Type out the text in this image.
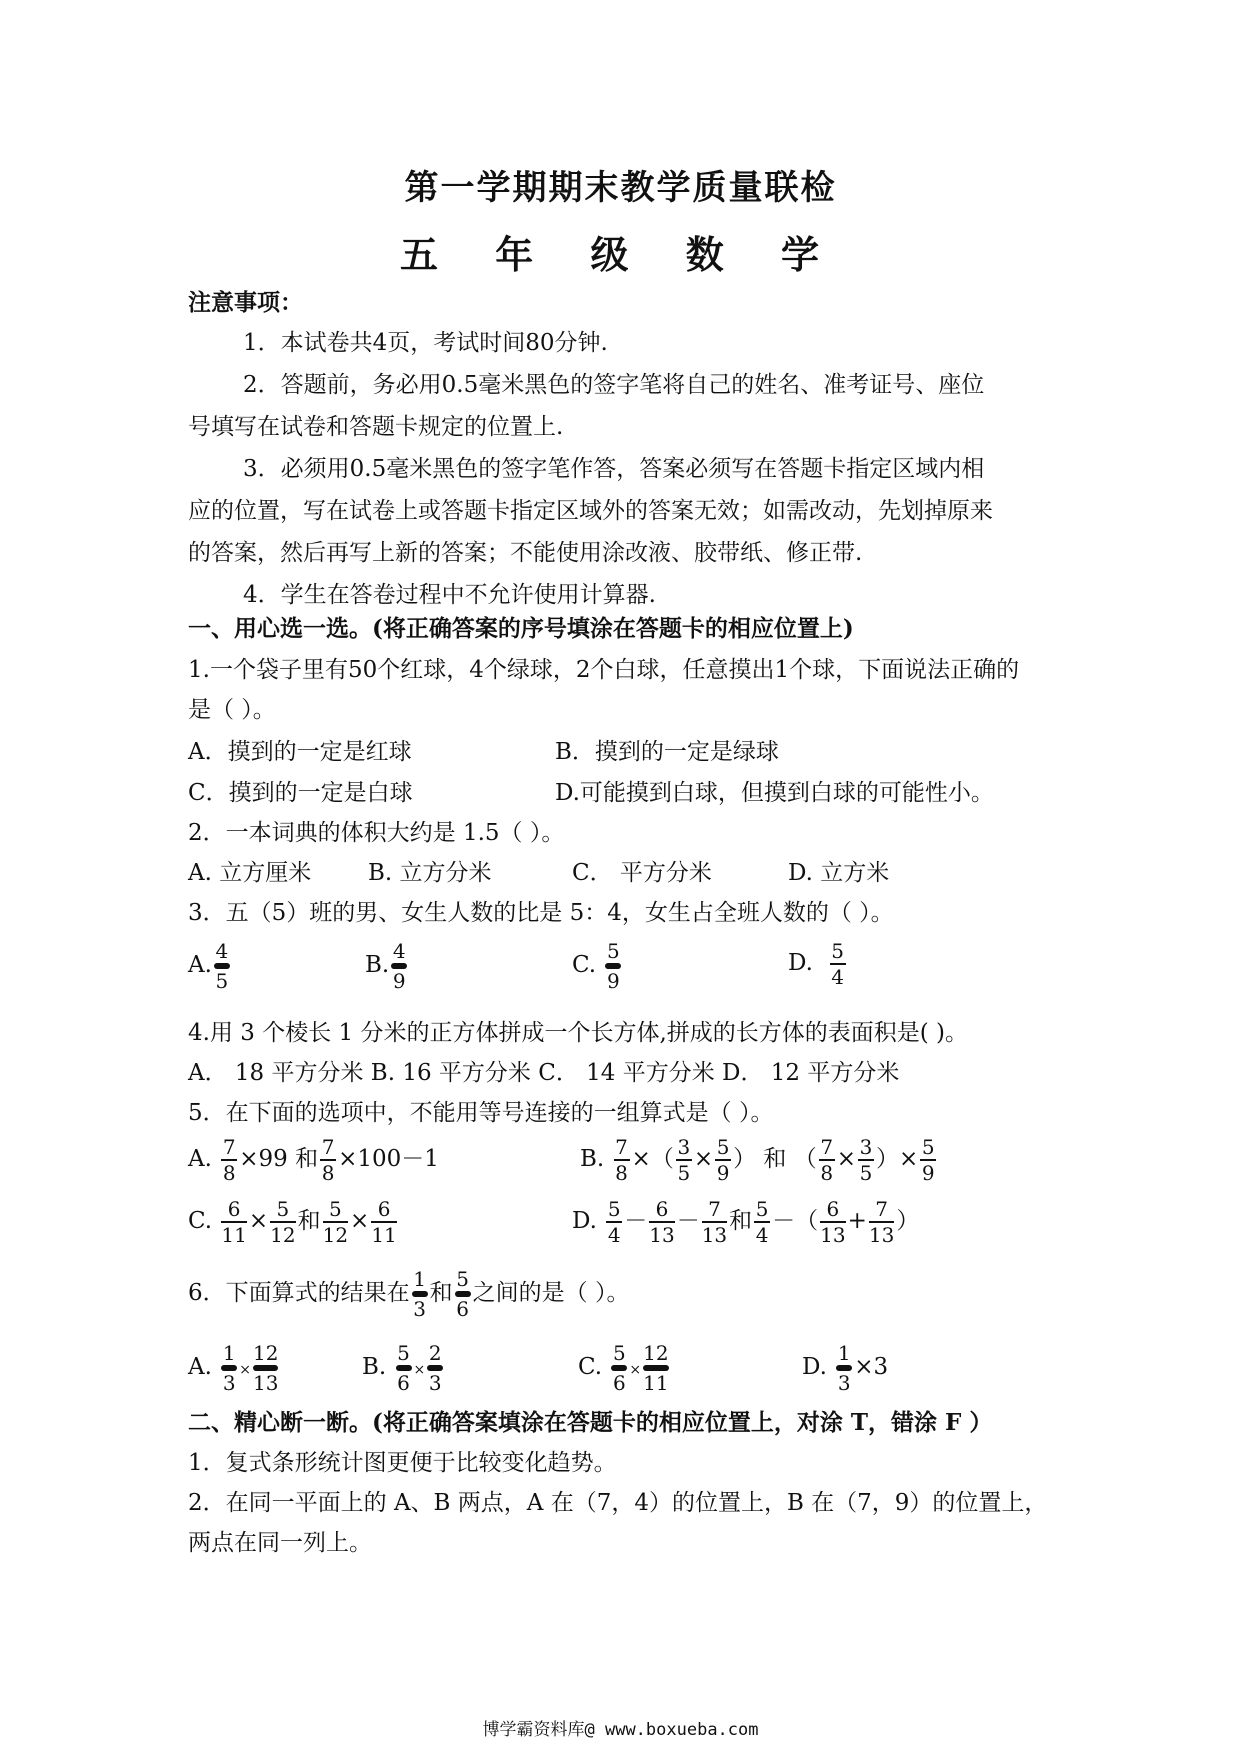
第一学期期末教学质量联检
五 年 级 数 学
注意事项：
1．本试卷共4页，考试时间80分钟.
2．答题前，务必用0.5毫米黑色的签字笔将自己的姓名、准考证号、座位
号填写在试卷和答题卡规定的位置上.
3．必须用0.5毫米黑色的签字笔作答，答案必须写在答题卡指定区域内相
应的位置，写在试卷上或答题卡指定区域外的答案无效；如需改动，先划掉原来
的答案，然后再写上新的答案；不能使用涂改液、胶带纸、修正带.
4．学生在答卷过程中不允许使用计算器.
一、用心选一选。(将正确答案的序号填涂在答题卡的相应位置上)
1.一个袋子里有50个红球，4个绿球，2个白球，任意摸出1个球，下面说法正确的
是（ ）。
A．摸到的一定是红球	B．摸到的一定是绿球
C．摸到的一定是白球	D.可能摸到白球，但摸到白球的可能性小。
2．一本词典的体积大约是 1.5（ ）。
A. 立方厘米 B. 立方分米	C． 平方分米	D. 立方米
3．五（5）班的男、女生人数的比是 5：4，女生占全班人数的（ ）。
A.
4
5
B.
4
9
C.
5
9
D. $\frac{5}{4}$
4.用 3 个棱长 1 分米的正方体拼成一个长方体,拼成的长方体的表面积是( )。
A． 18 平方分米 B. 16 平方分米 C． 14 平方分米 D． 12 平方分米
5．在下面的选项中，不能用等号连接的一组算式是（ ）。
A. $\frac{7}{8} \times 99$ 和 $\frac{7}{8} \times 100-1$	B. $\frac{7}{8}$ ×（ $\frac{3}{5} \times \frac{5}{9}$ ） 和 （ $\frac{7}{8} \times \frac{3}{5}$ ）× $\frac{5}{9}$
C. $\frac{6}{11} \times \frac{5}{12}$ 和 $\frac{5}{12} \times \frac{6}{11}$	D. $\frac{5}{4} - \frac{6}{13} - \frac{7}{13}$ 和 $\frac{5}{4}$ －（ $\frac{6}{13} + \frac{7}{13}$ ）
6．下面算式的结果在
1
3
和
5
6
之间的是（ ）。
A.
1
3
×
12
13
B.
5
6
×
2
3
C.
5
6
×
12
11
D.
1
3
×3
二、精心断一断。(将正确答案填涂在答题卡的相应位置上，对涂 T，错涂 F ）
1．复式条形统计图更便于比较变化趋势。
2．在同一平面上的 A、B 两点，A 在（7，4）的位置上，B 在（7，9）的位置上，
两点在同一列上。
博学霸资料库@ www.boxueba.com
